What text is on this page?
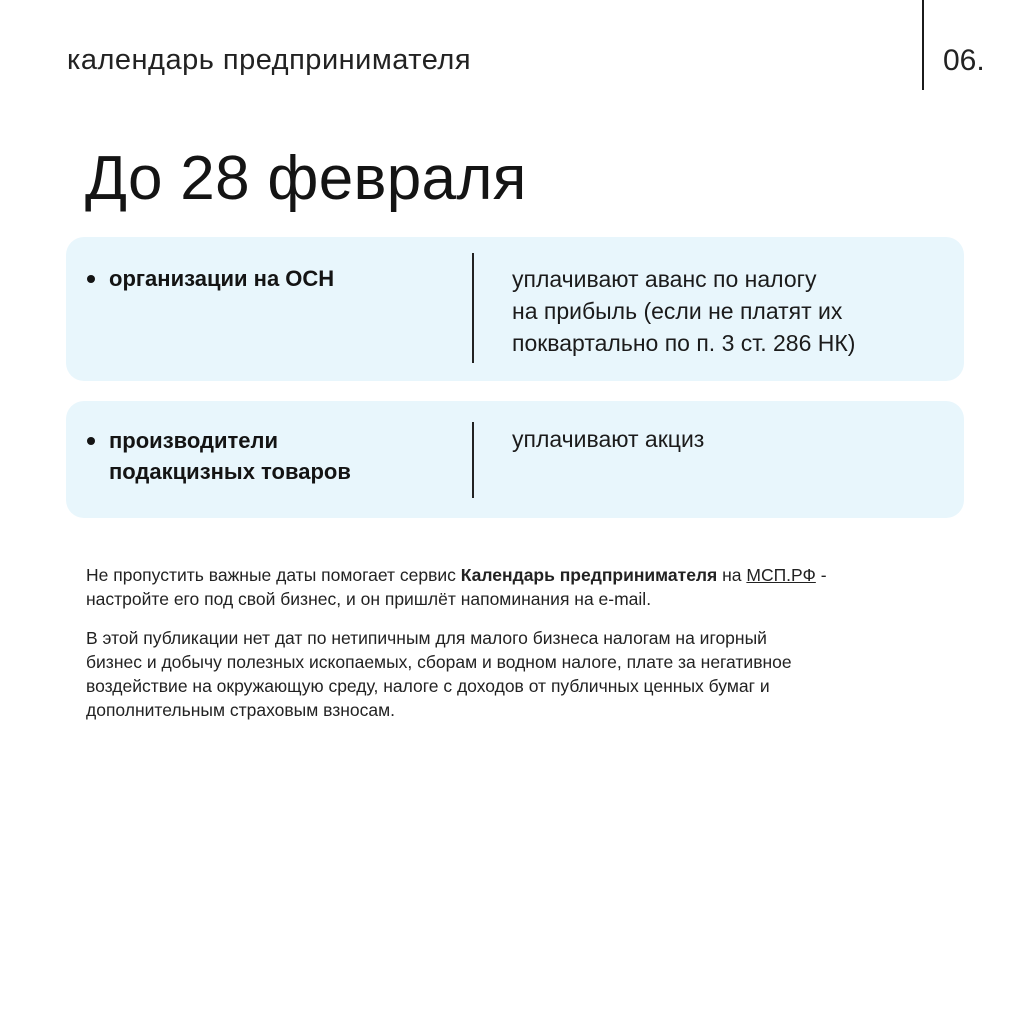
календарь предпринимателя	06.
До 28 февраля
организации на ОСН	уплачивают аванс по налогу
на прибыль (если не платят их
поквартально по п. 3 ст. 286 НК)
производители
подакцизных товаров
уплачивают акциз
Не пропустить важные даты помогает сервис Календарь предпринимателя на МСП.РФ -
настройте его под свой бизнес, и он пришлёт напоминания на e-mail.
В этой публикации нет дат по нетипичным для малого бизнеса налогам на игорный
бизнес и добычу полезных ископаемых, сборам и водном налоге, плате за негативное
воздействие на окружающую среду, налоге с доходов от публичных ценных бумаг и
дополнительным страховым взносам.
